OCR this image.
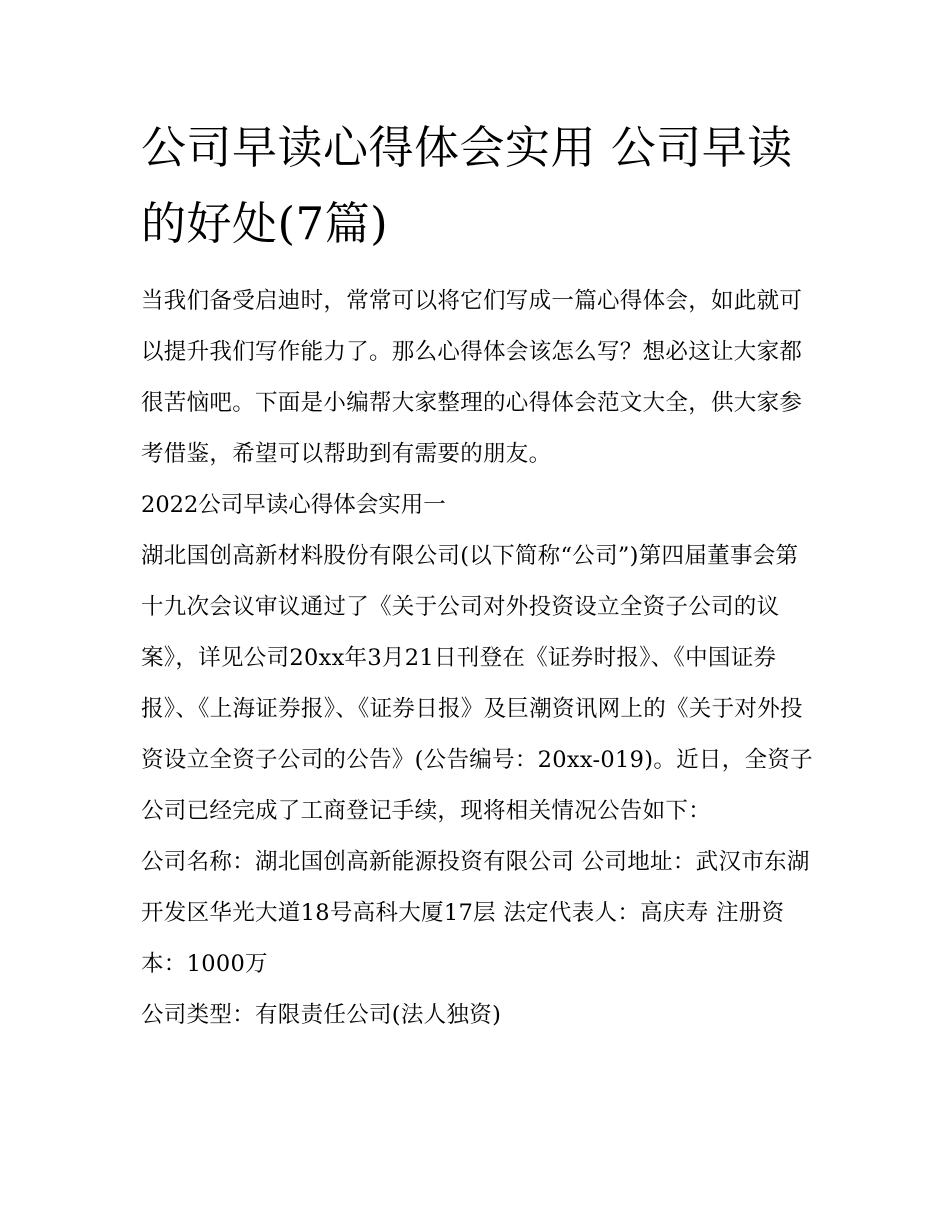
公司早读心得体会实用 公司早读的好处(7篇)

当我们备受启迪时，常常可以将它们写成一篇心得体会，如此就可以提升我们写作能力了。那么心得体会该怎么写？想必这让大家都很苦恼吧。下面是小编帮大家整理的心得体会范文大全，供大家参考借鉴，希望可以帮助到有需要的朋友。

2022公司早读心得体会实用一

湖北国创高新材料股份有限公司(以下简称“公司”)第四届董事会第十九次会议审议通过了《关于公司对外投资设立全资子公司的议案》，详见公司20xx年3月21日刊登在《证券时报》、《中国证券报》、《上海证券报》、《证券日报》及巨潮资讯网上的《关于对外投资设立全资子公司的公告》(公告编号：20xx-019)。近日，全资子公司已经完成了工商登记手续，现将相关情况公告如下：

公司名称：湖北国创高新能源投资有限公司 公司地址：武汉市东湖开发区华光大道18号高科大厦17层 法定代表人：高庆寿 注册资本：1000万

公司类型：有限责任公司(法人独资)
